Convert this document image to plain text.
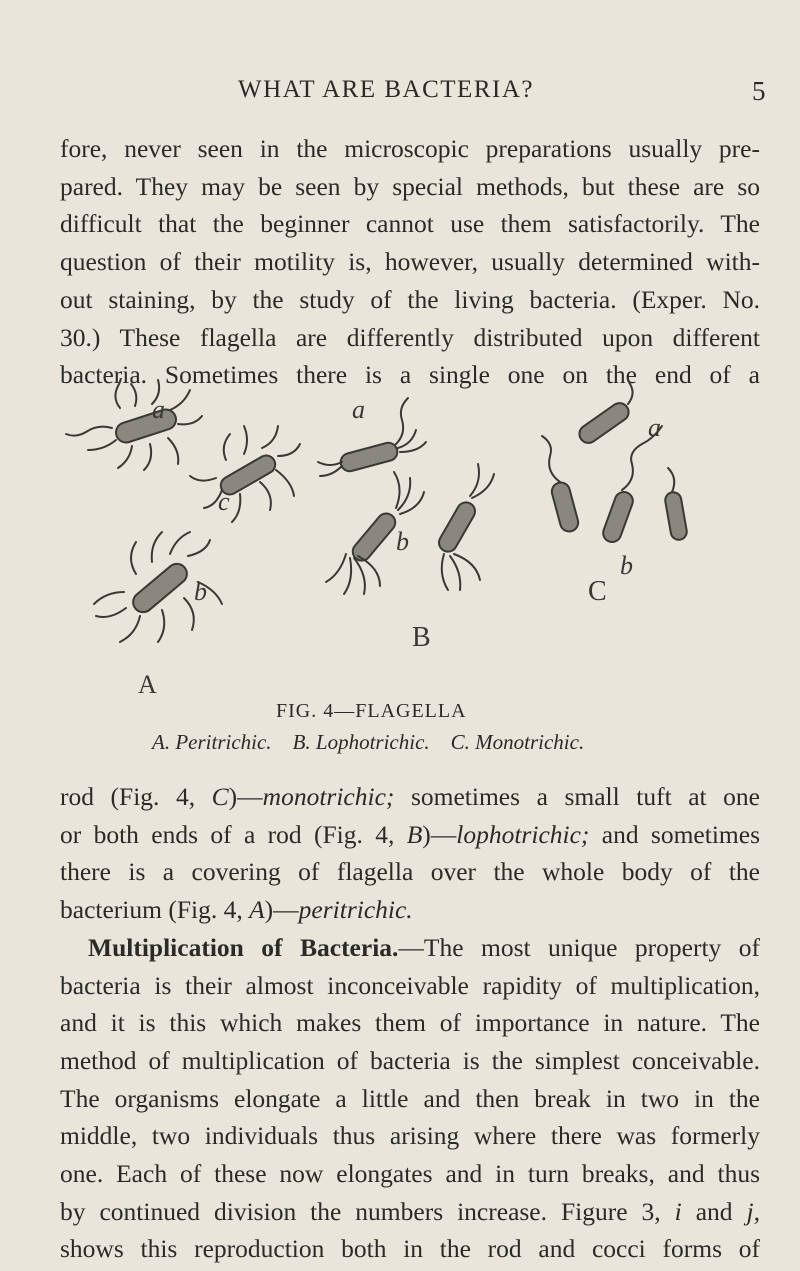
WHAT ARE BACTERIA?	5
fore, never seen in the microscopic preparations usually pre-
pared. They may be seen by special methods, but these are so
difficult that the beginner cannot use them satisfactorily. The
question of their motility is, however, usually determined with-
out staining, by the study of the living bacteria. (Exper. No.
30.) These flagella are differently distributed upon different
bacteria. Sometimes there is a single one on the end of a
A
B
C
a
c
b
a
b
a
b
FIG. 4—FLAGELLA
A. Peritrichic. B. Lophotrichic. C. Monotrichic.
rod (Fig. 4, C)—monotrichic; sometimes a small tuft at one
or both ends of a rod (Fig. 4, B)—lophotrichic; and sometimes
there is a covering of flagella over the whole body of the
bacterium (Fig. 4, A)—peritrichic.
Multiplication of Bacteria.—The most unique property of
bacteria is their almost inconceivable rapidity of multiplication,
and it is this which makes them of importance in nature. The
method of multiplication of bacteria is the simplest conceivable.
The organisms elongate a little and then break in two in the
middle, two individuals thus arising where there was formerly
one. Each of these now elongates and in turn breaks, and thus
by continued division the numbers increase. Figure 3, i and j,
shows this reproduction both in the rod and cocci forms of
